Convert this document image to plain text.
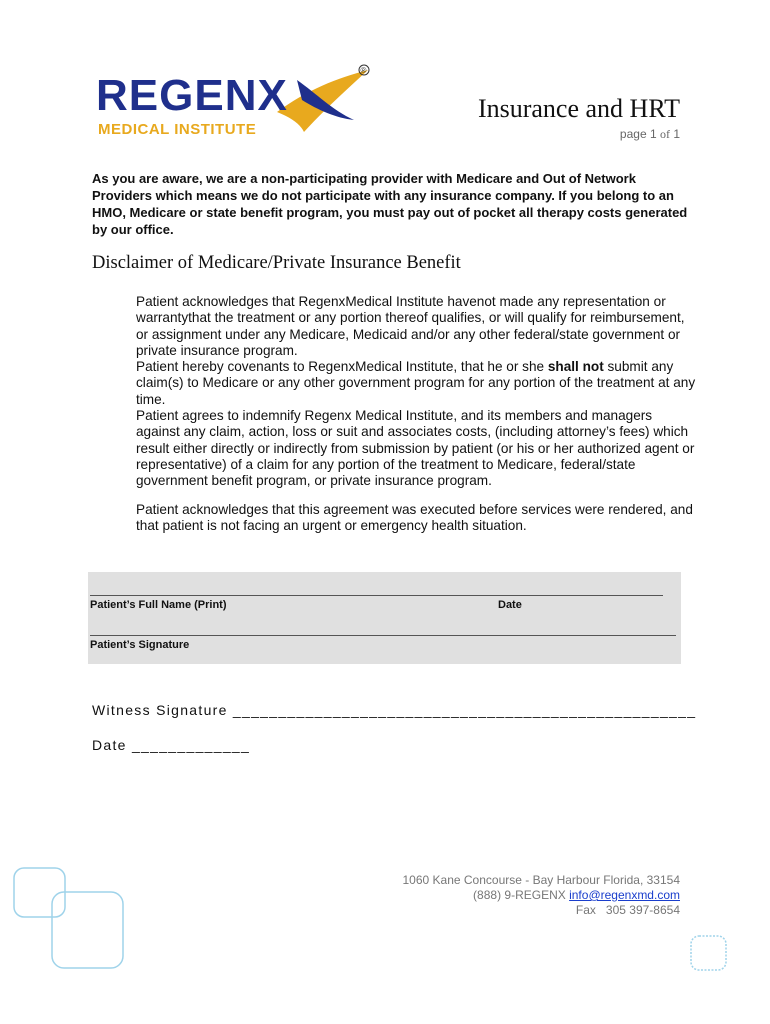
REGENX
MEDICAL INSTITUTE
®
Insurance and HRT
page 1 of 1

As you are aware, we are a non-participating provider with Medicare and Out of Network Providers which means we do not participate with any insurance company. If you belong to an HMO, Medicare or state benefit program, you must pay out of pocket all therapy costs generated by our office.

Disclaimer of Medicare/Private Insurance Benefit

Patient acknowledges that RegenxMedical Institute havenot made any representation or warrantythat the treatment or any portion thereof qualifies, or will qualify for reimbursement, or assignment under any Medicare, Medicaid and/or any other federal/state government or private insurance program.

Patient hereby covenants to RegenxMedical Institute, that he or she shall not submit any claim(s) to Medicare or any other government program for any portion of the treatment at any time.

Patient agrees to indemnify Regenx Medical Institute, and its members and managers against any claim, action, loss or suit and associates costs, (including attorney’s fees) which result either directly or indirectly from submission by patient (or his or her authorized agent or representative) of a claim for any portion of the treatment to Medicare, federal/state government benefit program, or private insurance program.

Patient acknowledges that this agreement was executed before services were rendered, and that patient is not facing an urgent or emergency health situation.

Patient’s Full Name (Print)	Date
Patient’s Signature
Witness Signature ___________________________________________________
Date _____________
1060 Kane Concourse - Bay Harbour Florida, 33154
(888) 9-REGENX info@regenxmd.com
Fax 305 397-8654
